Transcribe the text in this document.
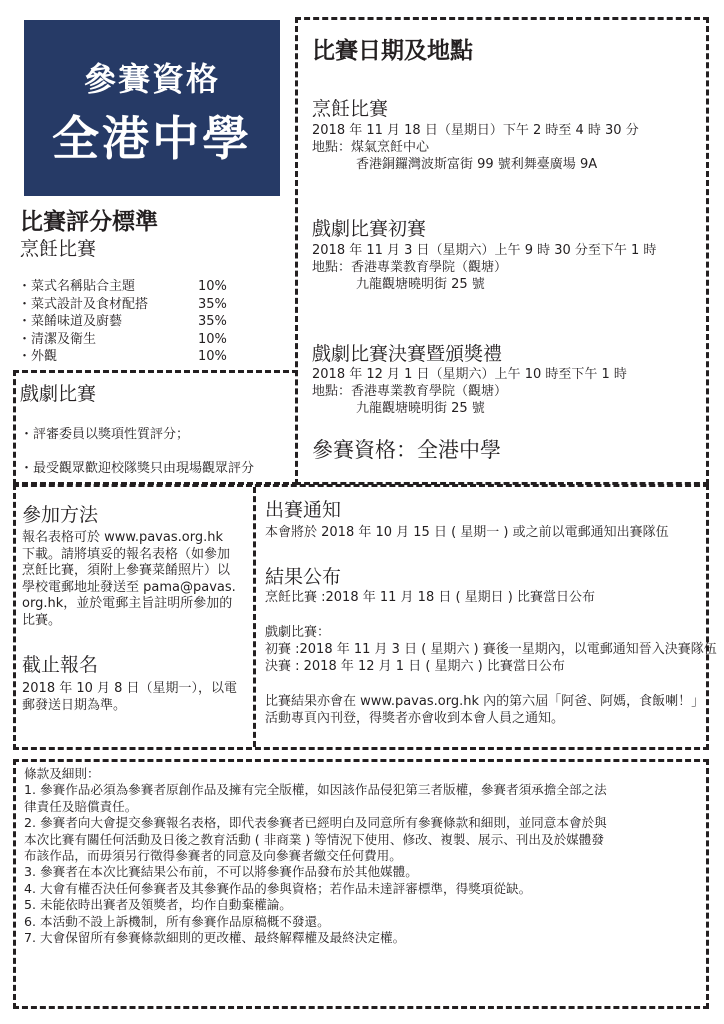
參賽資格
全港中學
比賽評分標準
烹飪比賽
・菜式名稱貼合主題	10%
・菜式設計及食材配搭	35%
・菜餚味道及廚藝	35%
・清潔及衛生	10%
・外觀	10%
戲劇比賽
・評審委員以獎項性質評分；
・最受觀眾歡迎校隊獎只由現場觀眾評分
比賽日期及地點
烹飪比賽
2018 年 11 月 18 日（星期日）下午 2 時至 4 時 30 分
地點：煤氣烹飪中心
香港銅鑼灣波斯富街 99 號利舞臺廣場 9A
戲劇比賽初賽
2018 年 11 月 3 日（星期六）上午 9 時 30 分至下午 1 時
地點：香港專業教育學院（觀塘）
九龍觀塘曉明街 25 號
戲劇比賽決賽暨頒獎禮
2018 年 12 月 1 日（星期六）上午 10 時至下午 1 時
地點：香港專業教育學院（觀塘）
九龍觀塘曉明街 25 號
參賽資格：全港中學
參加方法
報名表格可於 www.pavas.org.hk
下載。請將填妥的報名表格（如參加
烹飪比賽，須附上參賽菜餚照片）以
學校電郵地址發送至 pama@pavas.
org.hk，並於電郵主旨註明所參加的
比賽。
截止報名
2018 年 10 月 8 日（星期一），以電
郵發送日期為準。
出賽通知
本會將於 2018 年 10 月 15 日 ( 星期一 ) 或之前以電郵通知出賽隊伍
結果公布
烹飪比賽 :2018 年 11 月 18 日 ( 星期日 ) 比賽當日公布
戲劇比賽：
初賽 :2018 年 11 月 3 日 ( 星期六 ) 賽後一星期內，以電郵通知晉入決賽隊伍
決賽 : 2018 年 12 月 1 日 ( 星期六 ) 比賽當日公布
比賽結果亦會在 www.pavas.org.hk 內的第六屆「阿爸、阿媽，食飯喇！」
活動專頁內刊登，得獎者亦會收到本會人員之通知。
條款及細則：
1. 參賽作品必須為參賽者原創作品及擁有完全版權，如因該作品侵犯第三者版權，參賽者須承擔全部之法
律責任及賠償責任。
2. 參賽者向大會提交參賽報名表格，即代表參賽者已經明白及同意所有參賽條款和細則，並同意本會於與
本次比賽有關任何活動及日後之教育活動 ( 非商業 ) 等情況下使用、修改、複製、展示、刊出及於媒體發
布該作品，而毋須另行徵得參賽者的同意及向參賽者繳交任何費用。
3. 參賽者在本次比賽結果公布前，不可以將參賽作品發布於其他媒體。
4. 大會有權否決任何參賽者及其參賽作品的參與資格；若作品未達評審標準，得獎項從缺。
5. 未能依時出賽者及領獎者，均作自動棄權論。
6. 本活動不設上訴機制，所有參賽作品原稿概不發還。
7. 大會保留所有參賽條款細則的更改權、最終解釋權及最終決定權。
